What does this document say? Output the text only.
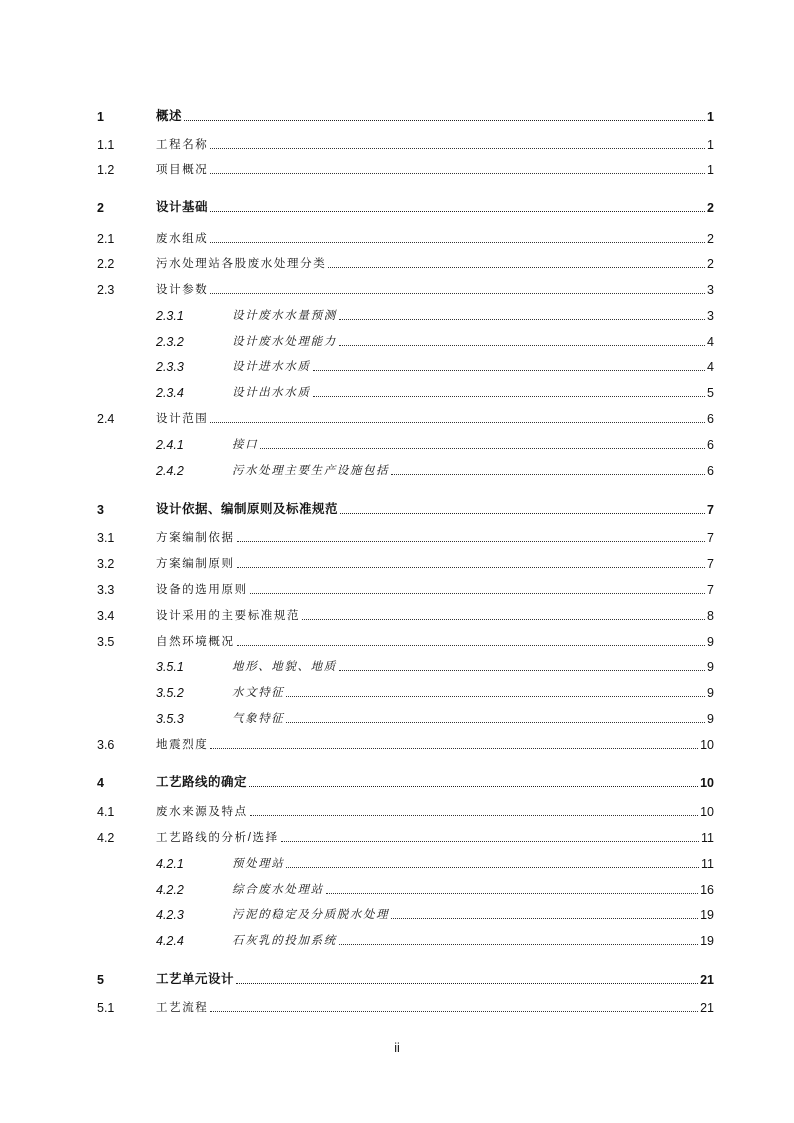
1	概述	1
1.1	工程名称	1
1.2	项目概况	1
2	设计基础	2
2.1	废水组成	2
2.2	污水处理站各股废水处理分类	2
2.3	设计参数	3
2.3.1	设计废水水量预测	3
2.3.2	设计废水处理能力	4
2.3.3	设计进水水质	4
2.3.4	设计出水水质	5
2.4	设计范围	6
2.4.1	接口	6
2.4.2	污水处理主要生产设施包括	6
3	设计依据、编制原则及标准规范	7
3.1	方案编制依据	7
3.2	方案编制原则	7
3.3	设备的选用原则	7
3.4	设计采用的主要标准规范	8
3.5	自然环境概况	9
3.5.1	地形、地貌、地质	9
3.5.2	水文特征	9
3.5.3	气象特征	9
3.6	地震烈度	10
4	工艺路线的确定	10
4.1	废水来源及特点	10
4.2	工艺路线的分析/选择	11
4.2.1	预处理站	11
4.2.2	综合废水处理站	16
4.2.3	污泥的稳定及分质脱水处理	19
4.2.4	石灰乳的投加系统	19
5	工艺单元设计	21
5.1	工艺流程	21
ii
